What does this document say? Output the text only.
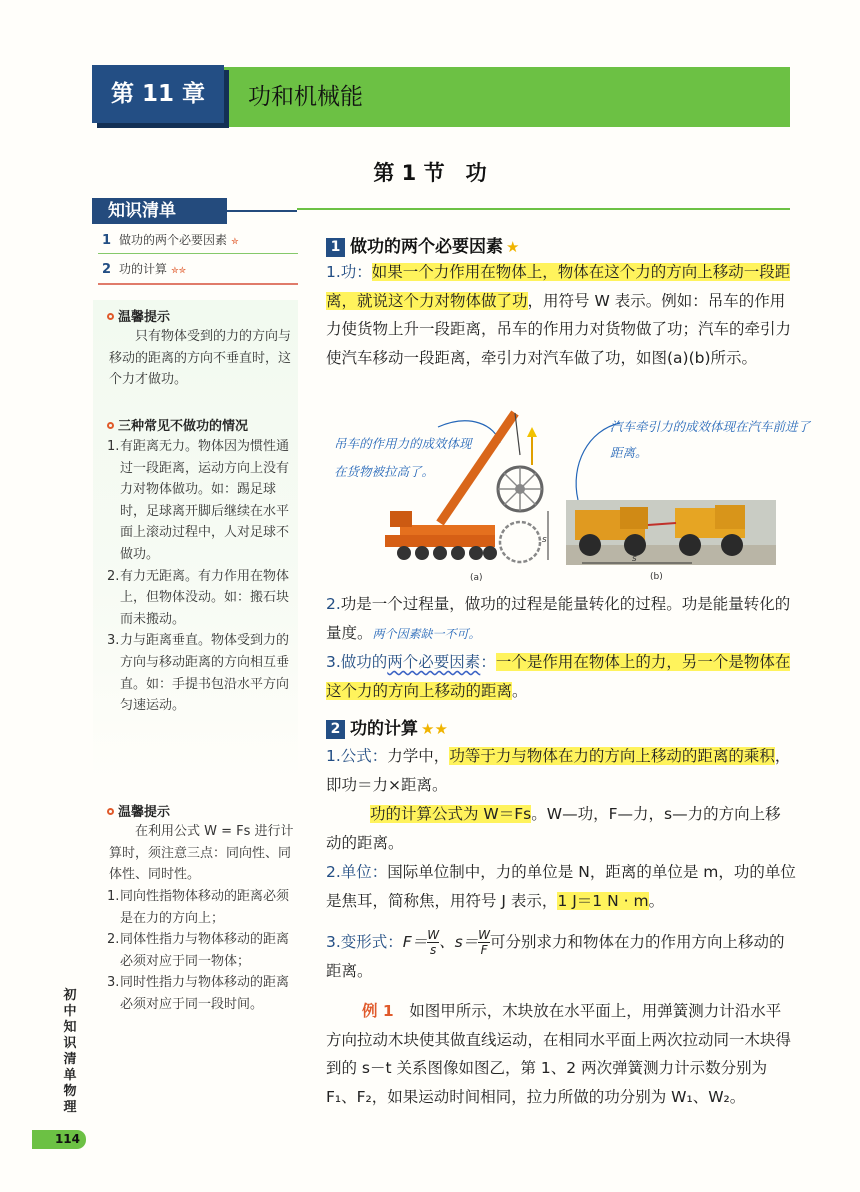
第 11 章	功和机械能
第 1 节　功
知识清单
1 做功的两个必要因素 ✮
2 功的计算 ✮✮
温馨提示
只有物体受到的力的方向与移动的距离的方向不垂直时，这个力才做功。
三种常见不做功的情况
1. 有距离无力。物体因为惯性通过一段距离，运动方向上没有力对物体做功。如：踢足球时，足球离开脚后继续在水平面上滚动过程中，人对足球不做功。
2. 有力无距离。有力作用在物体上，但物体没动。如：搬石块而未搬动。
3. 力与距离垂直。物体受到力的方向与移动距离的方向相互垂直。如：手提书包沿水平方向匀速运动。
温馨提示
在利用公式 W = Fs 进行计算时，须注意三点：同向性、同体性、同时性。
1. 同向性指物体移动的距离必须是在力的方向上；
2. 同体性指力与物体移动的距离必须对应于同一物体；
3. 同时性指力与物体移动的距离必须对应于同一段时间。
1 做功的两个必要因素 ★
1.功：如果一个力作用在物体上，物体在这个力的方向上移动一段距离，就说这个力对物体做了功，用符号 W 表示。例如：吊车的作用力使货物上升一段距离，吊车的作用力对货物做了功；汽车的牵引力使汽车移动一段距离，牵引力对汽车做了功，如图(a)(b)所示。
吊车的作用力的成效体现在货物被拉高了。
汽车牵引力的成效体现在汽车前进了距离。
s
(a)
s
(b)
2.功是一个过程量，做功的过程是能量转化的过程。功是能量转化的量度。两个因素缺一不可。
3.做功的两个必要因素：一个是作用在物体上的力，另一个是物体在这个力的方向上移动的距离。
2 功的计算 ★★
1.公式：力学中，功等于力与物体在力的方向上移动的距离的乘积，即功＝力×距离。
功的计算公式为 W＝Fs。W—功，F—力，s—力的方向上移动的距离。
2.单位：国际单位制中，力的单位是 N，距离的单位是 m，功的单位是焦耳，简称焦，用符号 J 表示，1 J＝1 N · m。
3.变形式：$F= \frac{W}{s}$ 、$s= \frac{W}{F}$ 可分别求力和物体在力的作用方向上移动的距离。
例 1　 如图甲所示，木块放在水平面上，用弹簧测力计沿水平方向拉动木块使其做直线运动，在相同水平面上两次拉动同一木块得到的 s－t 关系图像如图乙，第 1、2 两次弹簧测力计示数分别为 F₁、F₂，如果运动时间相同，拉力所做的功分别为 W₁、W₂。
初中知识清单 物理
114
